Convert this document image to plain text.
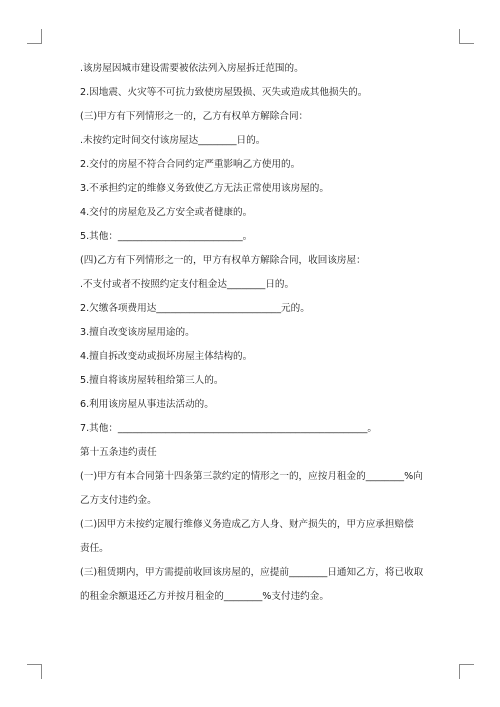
.该房屋因城市建设需要被依法列入房屋拆迁范围的。
2.因地震、火灾等不可抗力致使房屋毁损、灭失或造成其他损失的。
(三)甲方有下列情形之一的，乙方有权单方解除合同：
.未按约定时间交付该房屋达________日的。
2.交付的房屋不符合合同约定严重影响乙方使用的。
3.不承担约定的维修义务致使乙方无法正常使用该房屋的。
4.交付的房屋危及乙方安全或者健康的。
5.其他：__________________________。
(四)乙方有下列情形之一的，甲方有权单方解除合同，收回该房屋：
.不支付或者不按照约定支付租金达________日的。
2.欠缴各项费用达__________________________元的。
3.擅自改变该房屋用途的。
4.擅自拆改变动或损坏房屋主体结构的。
5.擅自将该房屋转租给第三人的。
6.利用该房屋从事违法活动的。
7.其他：____________________________________________________。
第十五条违约责任
(一)甲方有本合同第十四条第三款约定的情形之一的，应按月租金的________%向
乙方支付违约金。
(二)因甲方未按约定履行维修义务造成乙方人身、财产损失的，甲方应承担赔偿
责任。
(三)租赁期内，甲方需提前收回该房屋的，应提前________日通知乙方，将已收取
的租金余额退还乙方并按月租金的________%支付违约金。
